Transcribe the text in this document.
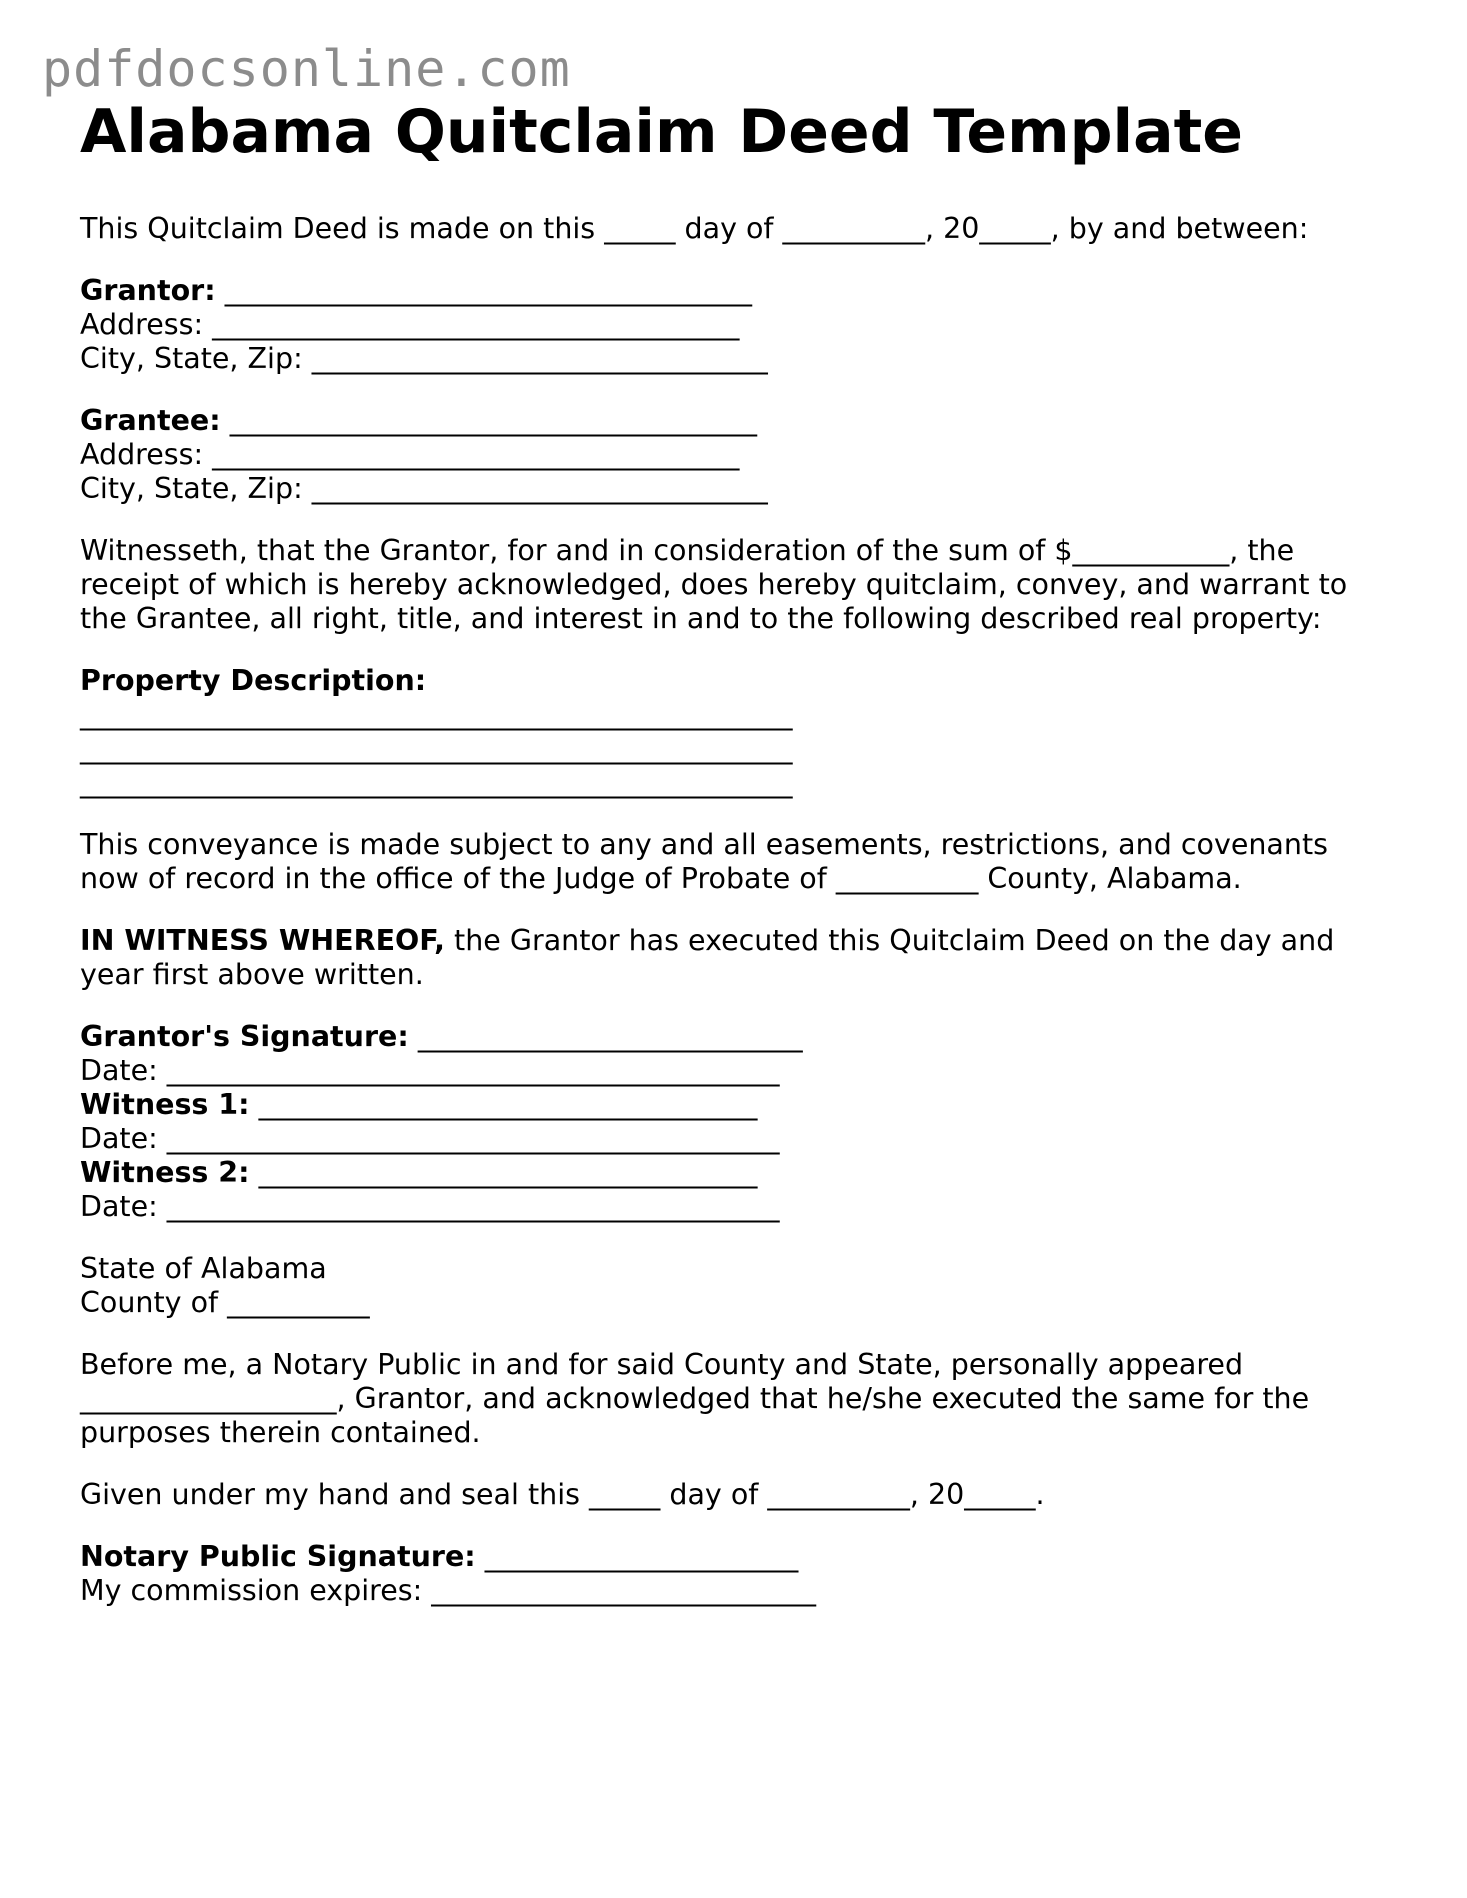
pdfdocsonline.com
Alabama Quitclaim Deed Template

This Quitclaim Deed is made on this _____ day of __________, 20_____, by and between:

Grantor: _____________________________________
Address: _____________________________________
City, State, Zip: ________________________________

Grantee: _____________________________________
Address: _____________________________________
City, State, Zip: ________________________________

Witnesseth, that the Grantor, for and in consideration of the sum of $___________, the
receipt of which is hereby acknowledged, does hereby quitclaim, convey, and warrant to
the Grantee, all right, title, and interest in and to the following described real property:

Property Description:
__________________________________________________
__________________________________________________
__________________________________________________

This conveyance is made subject to any and all easements, restrictions, and covenants
now of record in the office of the Judge of Probate of __________ County, Alabama.

IN WITNESS WHEREOF, the Grantor has executed this Quitclaim Deed on the day and
year first above written.

Grantor's Signature: ___________________________
Date: ___________________________________________
Witness 1: ___________________________________
Date: ___________________________________________
Witness 2: ___________________________________
Date: ___________________________________________

State of Alabama
County of __________

Before me, a Notary Public in and for said County and State, personally appeared
__________________, Grantor, and acknowledged that he/she executed the same for the
purposes therein contained.

Given under my hand and seal this _____ day of __________, 20_____.

Notary Public Signature: ______________________
My commission expires: ___________________________
